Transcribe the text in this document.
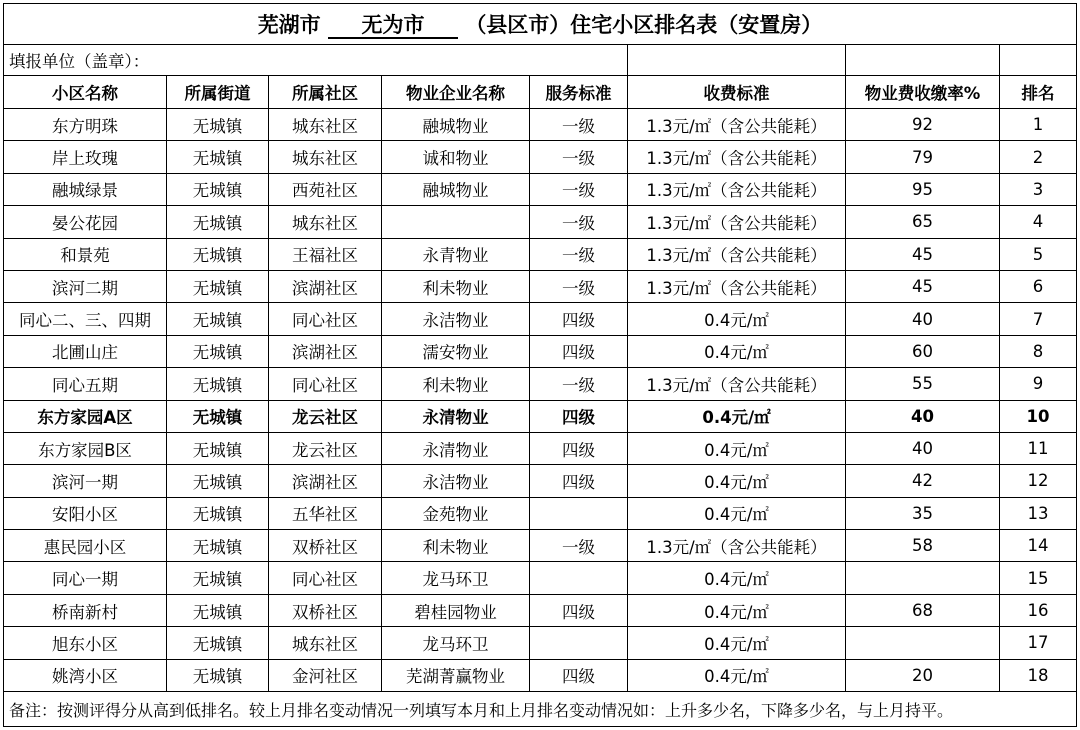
芜湖市 无为市 （县区市）住宅小区排名表（安置房）							
填报单位（盖章）：							
小区名称	所属街道	所属社区	物业企业名称	服务标准	收费标准	物业费收缴率%	排名
东方明珠	无城镇	城东社区	融城物业	一级	1.3元/㎡（含公共能耗）	92	1
岸上玫瑰	无城镇	城东社区	诚和物业	一级	1.3元/㎡（含公共能耗）	79	2
融城绿景	无城镇	西苑社区	融城物业	一级	1.3元/㎡（含公共能耗）	95	3
晏公花园	无城镇	城东社区		一级	1.3元/㎡（含公共能耗）	65	4
和景苑	无城镇	王福社区	永青物业	一级	1.3元/㎡（含公共能耗）	45	5
滨河二期	无城镇	滨湖社区	利未物业	一级	1.3元/㎡（含公共能耗）	45	6
同心二、三、四期	无城镇	同心社区	永洁物业	四级	0.4元/㎡	40	7
北圃山庄	无城镇	滨湖社区	濡安物业	四级	0.4元/㎡	60	8
同心五期	无城镇	同心社区	利未物业	一级	1.3元/㎡（含公共能耗）	55	9
东方家园A区	无城镇	龙云社区	永清物业	四级	0.4元/㎡	40	10
东方家园B区	无城镇	龙云社区	永清物业	四级	0.4元/㎡	40	11
滨河一期	无城镇	滨湖社区	永洁物业	四级	0.4元/㎡	42	12
安阳小区	无城镇	五华社区	金苑物业		0.4元/㎡	35	13
惠民园小区	无城镇	双桥社区	利未物业	一级	1.3元/㎡（含公共能耗）	58	14
同心一期	无城镇	同心社区	龙马环卫		0.4元/㎡		15
桥南新村	无城镇	双桥社区	碧桂园物业	四级	0.4元/㎡	68	16
旭东小区	无城镇	城东社区	龙马环卫		0.4元/㎡		17
姚湾小区	无城镇	金河社区	芜湖菁赢物业	四级	0.4元/㎡	20	18
备注：按测评得分从高到低排名。较上月排名变动情况一列填写本月和上月排名变动情况如：上升多少名，下降多少名，与上月持平。							
